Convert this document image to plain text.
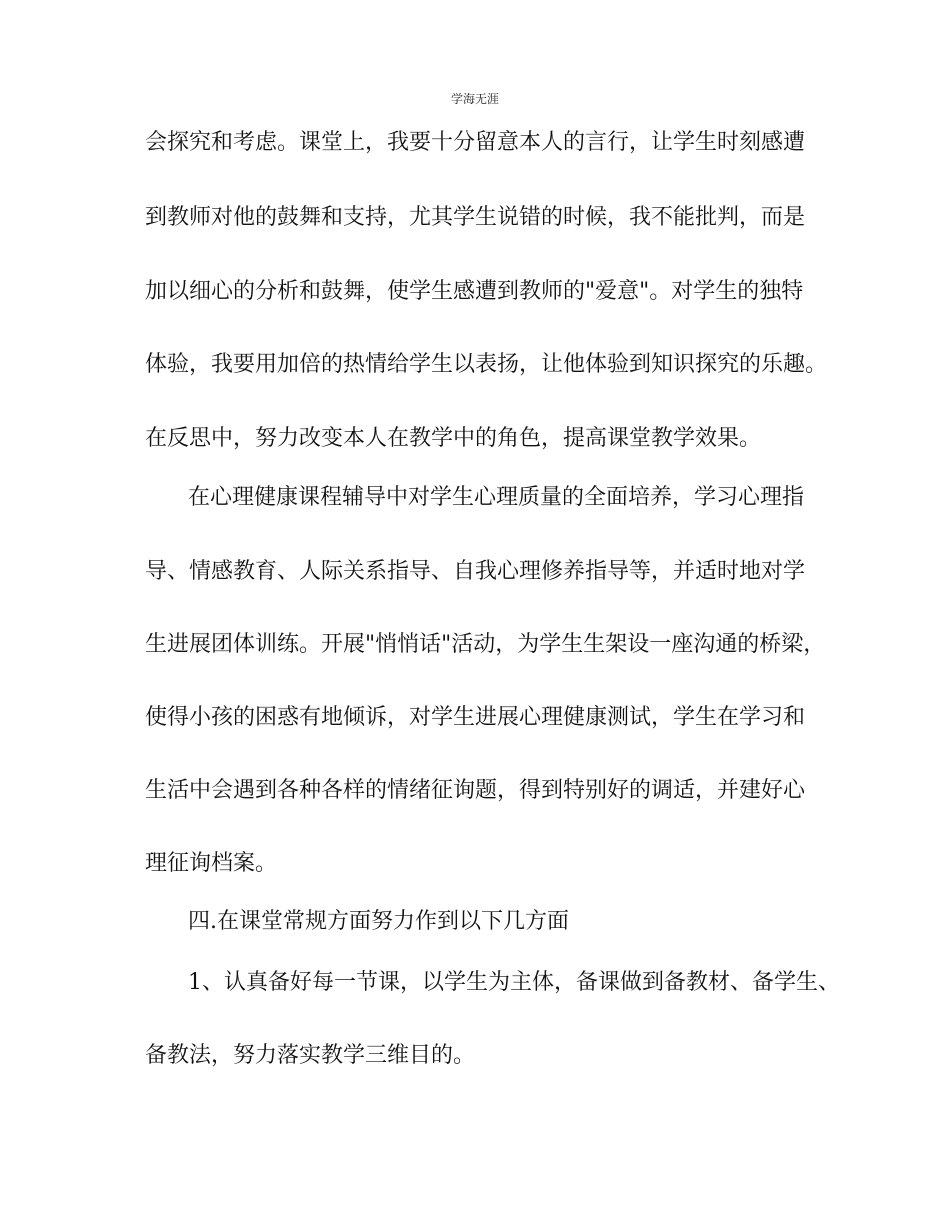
学海无涯
会探究和考虑。课堂上，我要十分留意本人的言行，让学生时刻感遭
到教师对他的鼓舞和支持，尤其学生说错的时候，我不能批判，而是
加以细心的分析和鼓舞，使学生感遭到教师的"爱意"。对学生的独特
体验，我要用加倍的热情给学生以表扬，让他体验到知识探究的乐趣。
在反思中，努力改变本人在教学中的角色，提高课堂教学效果。
在心理健康课程辅导中对学生心理质量的全面培养，学习心理指
导、情感教育、人际关系指导、自我心理修养指导等，并适时地对学
生进展团体训练。开展"悄悄话"活动，为学生生架设一座沟通的桥梁，
使得小孩的困惑有地倾诉，对学生进展心理健康测试，学生在学习和
生活中会遇到各种各样的情绪征询题，得到特别好的调适，并建好心
理征询档案。
四.在课堂常规方面努力作到以下几方面
1、认真备好每一节课，以学生为主体，备课做到备教材、备学生、
备教法，努力落实教学三维目的。
